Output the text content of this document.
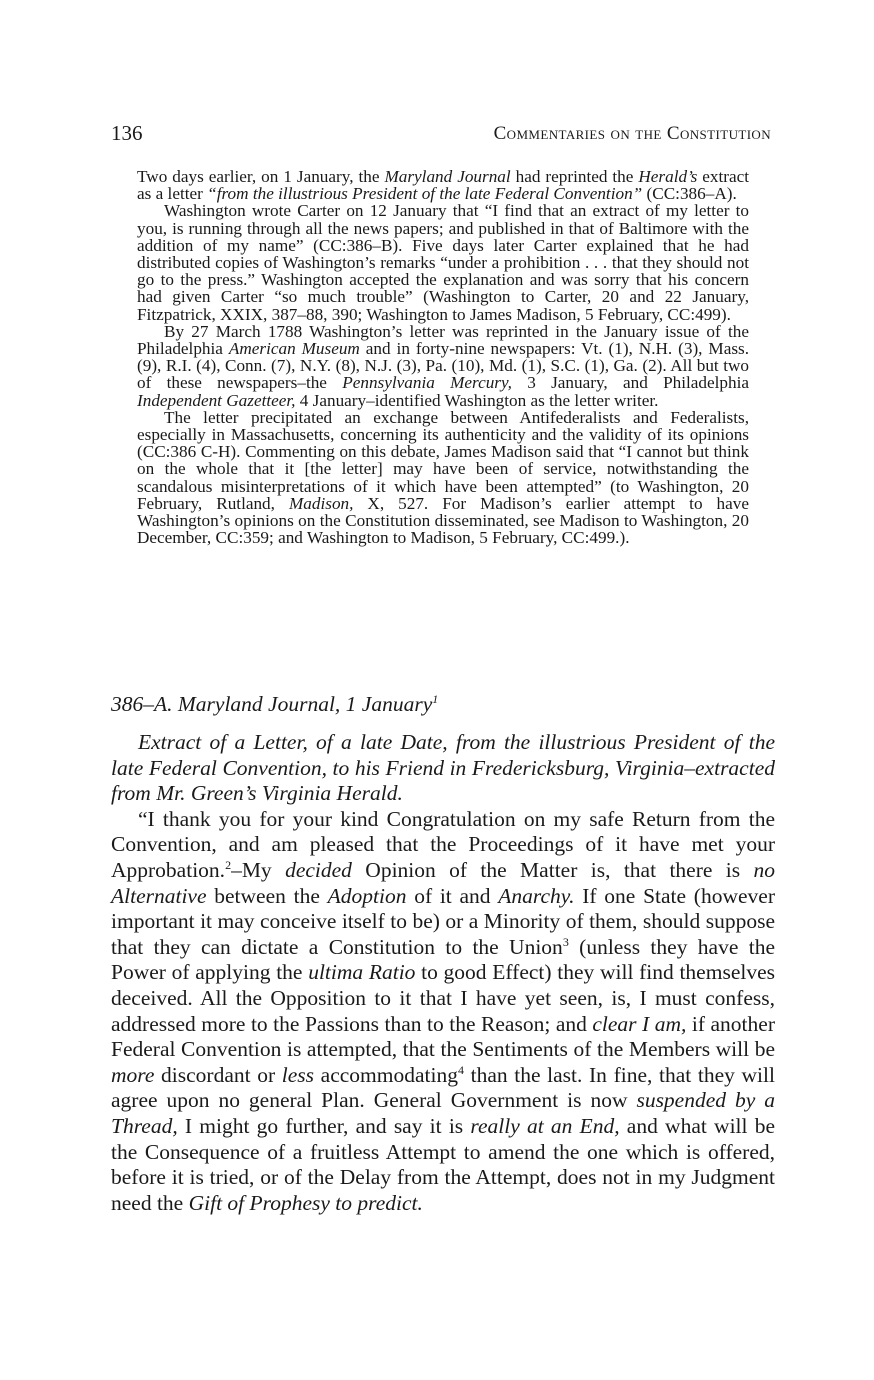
136	Commentaries on the Constitution

Two days earlier, on 1 January, the Maryland Journal had reprinted the Herald’s extract as a letter “from the illustrious President of the late Federal Convention” (CC:386–A).

Washington wrote Carter on 12 January that “I find that an extract of my letter to you, is running through all the news papers; and published in that of Baltimore with the addition of my name” (CC:386–B). Five days later Carter explained that he had distributed copies of Washington’s remarks “under a prohibition . . . that they should not go to the press.” Washington accepted the explanation and was sorry that his concern had given Carter “so much trouble” (Washington to Carter, 20 and 22 January, Fitzpatrick, XXIX, 387–88, 390; Washington to James Madison, 5 February, CC:499).

By 27 March 1788 Washington’s letter was reprinted in the January issue of the Philadelphia American Museum and in forty-nine newspapers: Vt. (1), N.H. (3), Mass. (9), R.I. (4), Conn. (7), N.Y. (8), N.J. (3), Pa. (10), Md. (1), S.C. (1), Ga. (2). All but two of these newspapers–the Pennsylvania Mercury, 3 January, and Philadelphia Independent Gazetteer, 4 January–identified Washington as the letter writer.

The letter precipitated an exchange between Antifederalists and Federalists, especially in Massachusetts, concerning its authenticity and the validity of its opinions (CC:386 C-H). Commenting on this debate, James Madison said that “I cannot but think on the whole that it [the letter] may have been of service, notwithstanding the scandalous misinterpretations of it which have been attempted” (to Washington, 20 February, Rutland, Madison, X, 527. For Madison’s earlier attempt to have Washington’s opinions on the Constitution disseminated, see Madison to Washington, 20 December, CC:359; and Washington to Madison, 5 February, CC:499.).

386–A. Maryland Journal, 1 January$^1$

Extract of a Letter, of a late Date, from the illustrious President of the late Federal Convention, to his Friend in Fredericksburg, Virginia–extracted from Mr. Green’s Virginia Herald.

“I thank you for your kind Congratulation on my safe Return from the Convention, and am pleased that the Proceedings of it have met your Approbation.$^2$–My decided Opinion of the Matter is, that there is no Alternative between the Adoption of it and Anarchy. If one State (however important it may conceive itself to be) or a Minority of them, should suppose that they can dictate a Constitution to the Union$^3$ (unless they have the Power of applying the ultima Ratio to good Effect) they will find themselves deceived. All the Opposition to it that I have yet seen, is, I must confess, addressed more to the Passions than to the Reason; and clear I am, if another Federal Convention is attempted, that the Sentiments of the Members will be more discordant or less accommodating$^4$ than the last. In fine, that they will agree upon no general Plan. General Government is now suspended by a Thread, I might go further, and say it is really at an End, and what will be the Consequence of a fruitless Attempt to amend the one which is offered, before it is tried, or of the Delay from the Attempt, does not in my Judgment need the Gift of Prophesy to predict.
